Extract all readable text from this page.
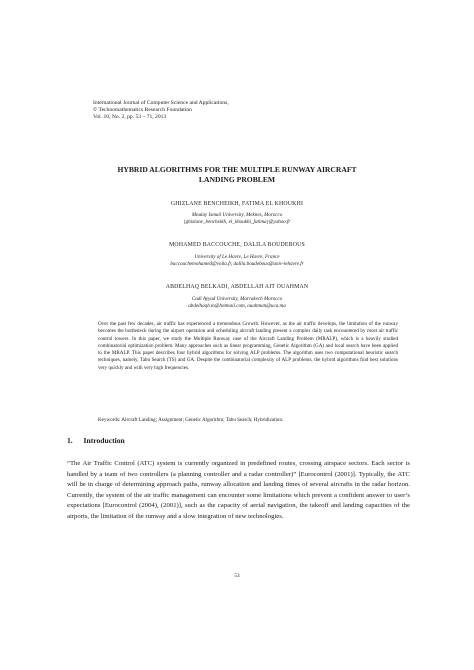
International Journal of Computer Science and Applications,
© Technomathematics Research Foundation
Vol. 10, No. 2, pp. 53 – 71, 2013
HYBRID ALGORITHMS FOR THE MULTIPLE RUNWAY AIRCRAFT
LANDING PROBLEM
GHIZLANE BENCHEIKH, FATIMA EL KHOUKHI
Moulay Ismail University, Meknes, Morocco
{ghizlane_bencheikh, el_khoukhi_fatima}@yahoo.fr
MOHAMED BACCOUCHE, DALILA BOUDEBOUS
University of Le Havre, Le Havre, France
baccouchemohamed@voila.fr, dalila.boudebous@univ-lehavre.fr
ABDELHAQ BELKADI, ABDELLAH AIT OUAHMAN
Cadi Ayyad University, Marrakech Morocco
abdelhaqb.m@hotmail.com, ouahman@uca.ma
Over the past few decades, air traffic has experienced a tremendous Growth. However, as the air traffic develops, the limitation of the runway becomes the bottleneck during the airport operation and scheduling aircraft landing present a complex daily task encountered by most air traffic control towers. In this paper, we study the Multiple Runway case of the Aircraft Landing Problem (MRALP), which is a heavily studied combinatorial optimization problem. Many approaches such as linear programming, Genetic Algorithm (GA) and local search have been applied to the MRALP. This paper describes four hybrid algorithms for solving ALP problems. The algorithm uses two computational heuristic search techniques, namely, Tabu Search (TS) and GA. Despite the combinatorial complexity of ALP problems, the hybrid algorithms find best solutions very quickly and with very high frequencies.
Keywords: Aircraft Landing; Assignment; Genetic Algorithm; Tabu Search; Hybridization.
1. Introduction
“The Air Traffic Control (ATC) system is currently organized in predefined routes, crossing airspace sectors. Each sector is handled by a team of two controllers (a planning controller and a radar controller)” [Eurocontrol (2001)]. Typically, the ATC will be in charge of determining approach paths, runway allocation and landing times of several aircrafts in the radar horizon. Currently, the system of the air traffic management can encounter some limitations which prevent a confident answer to user’s expectations [Eurocontrol (2004), (2001)], such as the capacity of aerial navigation, the takeoff and landing capacities of the airports, the limitation of the runway and a slow integration of new technologies.
53
